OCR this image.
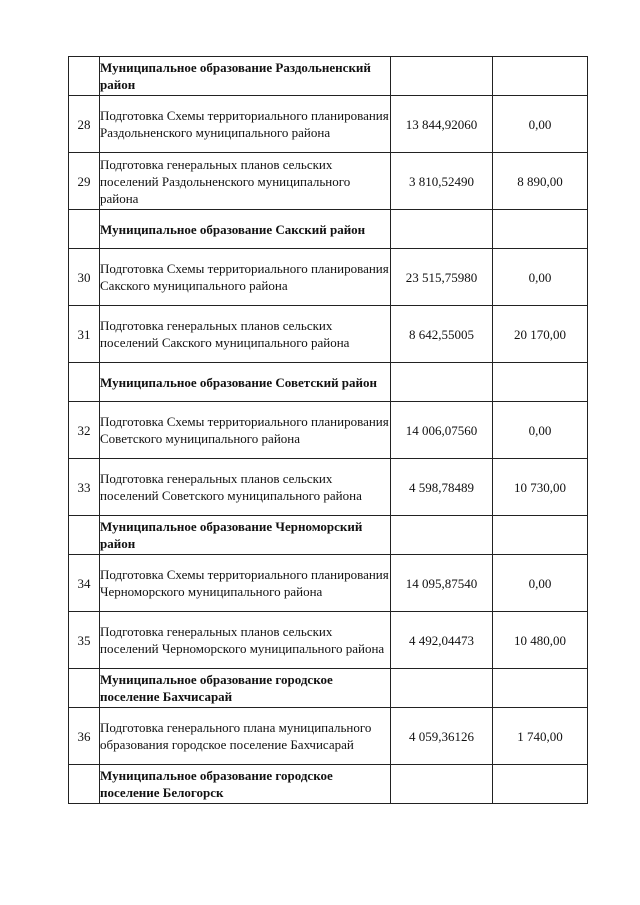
	Муниципальное образование Раздольненский район		
28	Подготовка Схемы территориального планирования Раздольненского муниципального района	13 844,92060	0,00
29	Подготовка генеральных планов сельских поселений Раздольненского муниципального района	3 810,52490	8 890,00
	Муниципальное образование Сакский район		
30	Подготовка Схемы территориального планирования Сакского муниципального района	23 515,75980	0,00
31	Подготовка генеральных планов сельских поселений Сакского муниципального района	8 642,55005	20 170,00
	Муниципальное образование Советский район		
32	Подготовка Схемы территориального планирования Советского муниципального района	14 006,07560	0,00
33	Подготовка генеральных планов сельских поселений Советского муниципального района	4 598,78489	10 730,00
	Муниципальное образование Черноморский район		
34	Подготовка Схемы территориального планирования Черноморского муниципального района	14 095,87540	0,00
35	Подготовка генеральных планов сельских поселений Черноморского муниципального района	4 492,04473	10 480,00
	Муниципальное образование городское поселение Бахчисарай		
36	Подготовка генерального плана муниципального образования городское поселение Бахчисарай	4 059,36126	1 740,00
	Муниципальное образование городское поселение Белогорск		
